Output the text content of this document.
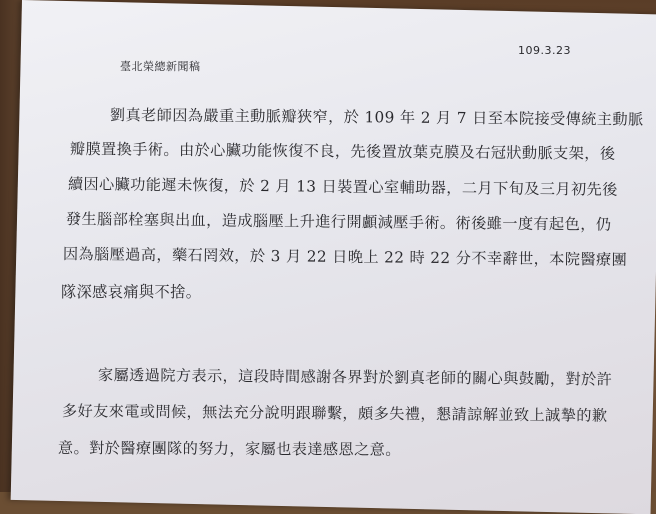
臺北榮總新聞稿
109.3.23
劉真老師因為嚴重主動脈瓣狹窄，於 109 年 2 月 7 日至本院接受傳統主動脈
瓣膜置換手術。由於心臟功能恢復不良，先後置放葉克膜及右冠狀動脈支架，後
續因心臟功能遲未恢復，於 2 月 13 日裝置心室輔助器，二月下旬及三月初先後
發生腦部栓塞與出血，造成腦壓上升進行開顱減壓手術。術後雖一度有起色，仍
因為腦壓過高，藥石罔效，於 3 月 22 日晚上 22 時 22 分不幸辭世，本院醫療團
隊深感哀痛與不捨。
家屬透過院方表示，這段時間感謝各界對於劉真老師的關心與鼓勵，對於許
多好友來電或問候，無法充分說明跟聯繫，頗多失禮，懇請諒解並致上誠摯的歉
意。對於醫療團隊的努力，家屬也表達感恩之意。
